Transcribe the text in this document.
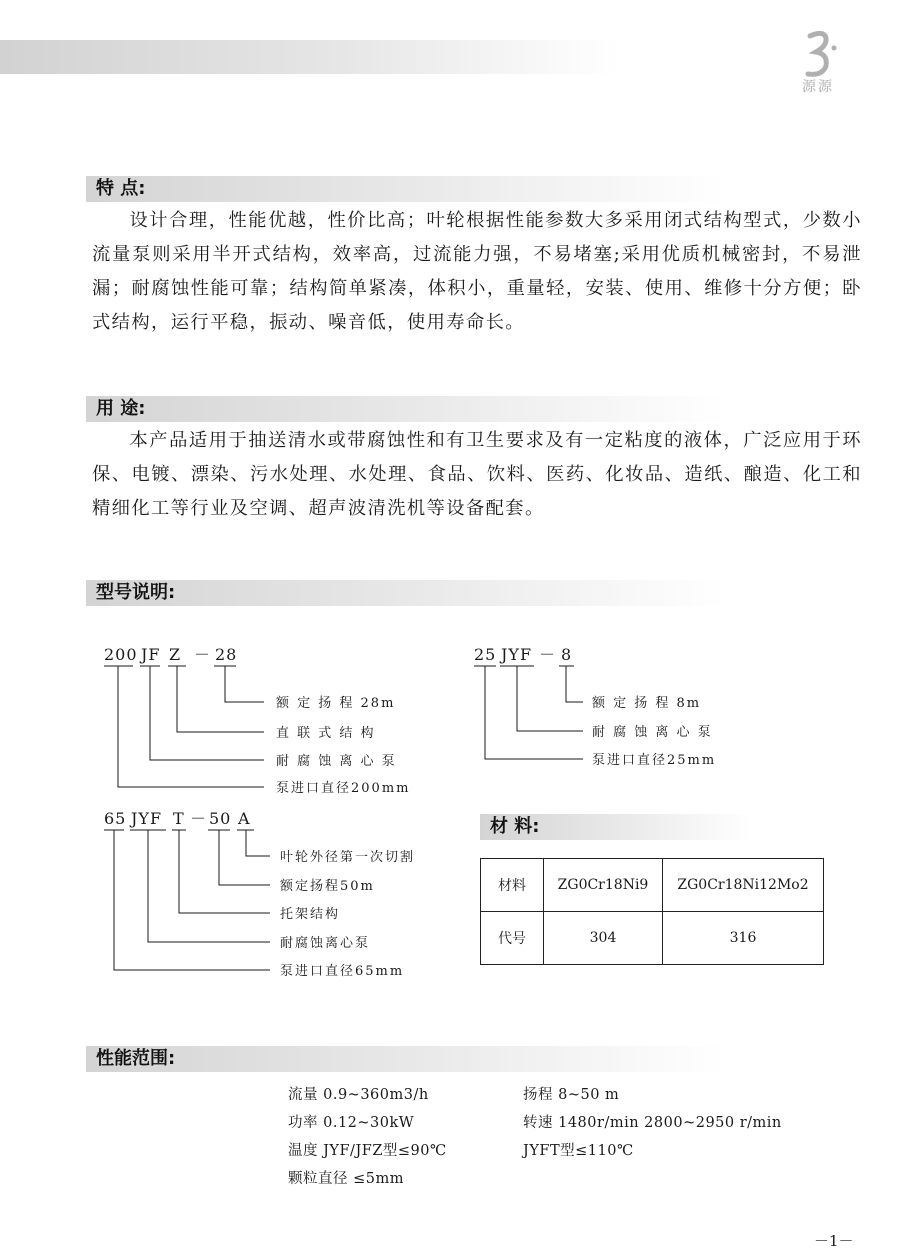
源源
特 点:
设计合理，性能优越，性价比高；叶轮根据性能参数大多采用闭式结构型式，少数小流量泵则采用半开式结构，效率高，过流能力强，不易堵塞;采用优质机械密封，不易泄漏；耐腐蚀性能可靠；结构简单紧凑，体积小，重量轻，安装、使用、维修十分方便；卧式结构，运行平稳，振动、噪音低，使用寿命长。
用 途:
本产品适用于抽送清水或带腐蚀性和有卫生要求及有一定粘度的液体，广泛应用于环保、电镀、漂染、污水处理、水处理、食品、饮料、医药、化妆品、造纸、酿造、化工和精细化工等行业及空调、超声波清洗机等设备配套。
型号说明:
200 JF Z － 28
额 定 扬 程 28m
直 联 式 结 构
耐 腐 蚀 离 心 泵
泵进口直径200mm
25 JYF － 8
额 定 扬 程 8m
耐 腐 蚀 离 心 泵
泵进口直径25mm
65 JYF T － 50 A
叶轮外径第一次切割
额定扬程50m
托架结构
耐腐蚀离心泵
泵进口直径65mm
材 料:
材料	ZG0Cr18Ni9	ZG0Cr18Ni12Mo2
代号	304	316
性能范围:
流量 0.9~360m3/h	扬程 8~50 m
功率 0.12~30kW	转速 1480r/min 2800~2950 r/min
温度 JYF/JFZ型≤90℃	JYFT型≤110℃
颗粒直径 ≤5mm
－1－
